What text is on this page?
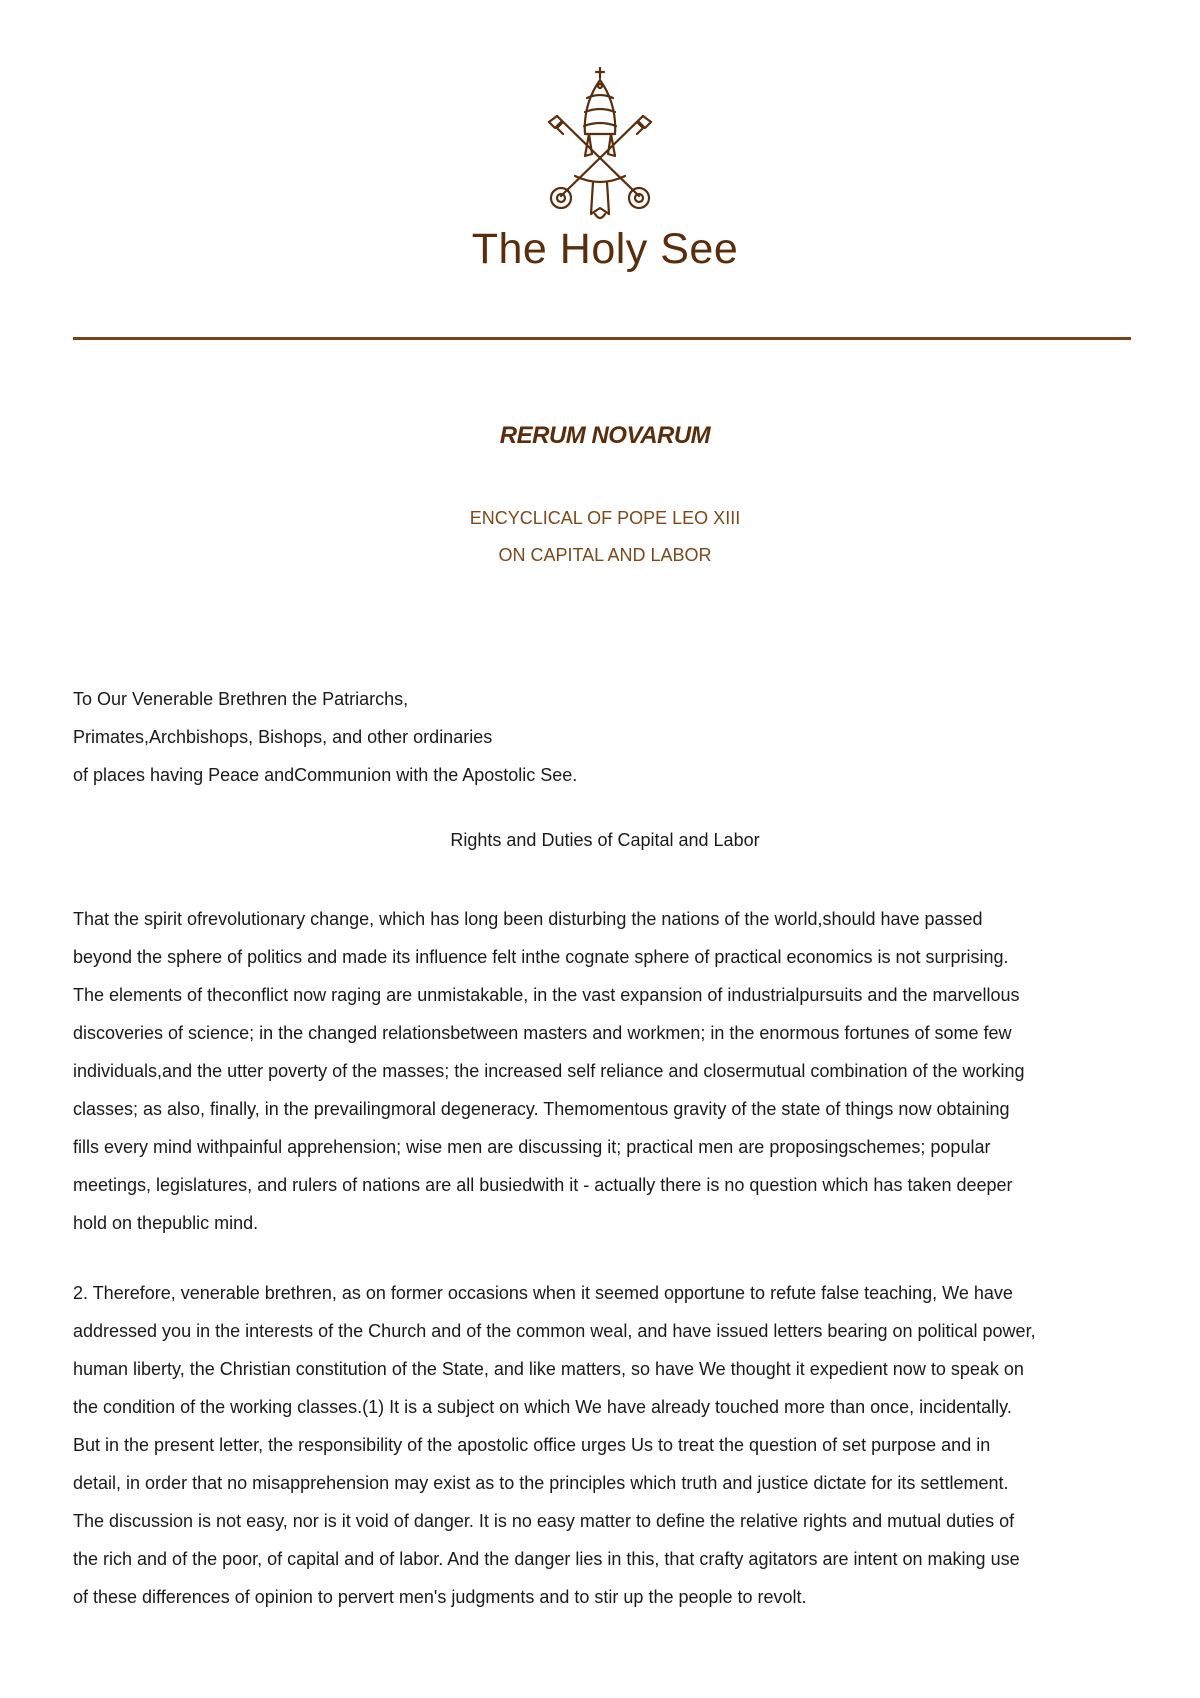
The Holy See
RERUM NOVARUM
ENCYCLICAL OF POPE LEO XIII
ON CAPITAL AND LABOR
To Our Venerable Brethren the Patriarchs,
Primates,Archbishops, Bishops, and other ordinaries
of places having Peace andCommunion with the Apostolic See.
Rights and Duties of Capital and Labor
That the spirit ofrevolutionary change, which has long been disturbing the nations of the world,should have passed
beyond the sphere of politics and made its influence felt inthe cognate sphere of practical economics is not surprising.
The elements of theconflict now raging are unmistakable, in the vast expansion of industrialpursuits and the marvellous
discoveries of science; in the changed relationsbetween masters and workmen; in the enormous fortunes of some few
individuals,and the utter poverty of the masses; the increased self reliance and closermutual combination of the working
classes; as also, finally, in the prevailingmoral degeneracy. Themomentous gravity of the state of things now obtaining
fills every mind withpainful apprehension; wise men are discussing it; practical men are proposingschemes; popular
meetings, legislatures, and rulers of nations are all busiedwith it - actually there is no question which has taken deeper
hold on thepublic mind.
2. Therefore, venerable brethren, as on former occasions when it seemed opportune to refute false teaching, We have
addressed you in the interests of the Church and of the common weal, and have issued letters bearing on political power,
human liberty, the Christian constitution of the State, and like matters, so have We thought it expedient now to speak on
the condition of the working classes.(1) It is a subject on which We have already touched more than once, incidentally.
But in the present letter, the responsibility of the apostolic office urges Us to treat the question of set purpose and in
detail, in order that no misapprehension may exist as to the principles which truth and justice dictate for its settlement.
The discussion is not easy, nor is it void of danger. It is no easy matter to define the relative rights and mutual duties of
the rich and of the poor, of capital and of labor. And the danger lies in this, that crafty agitators are intent on making use
of these differences of opinion to pervert men's judgments and to stir up the people to revolt.
